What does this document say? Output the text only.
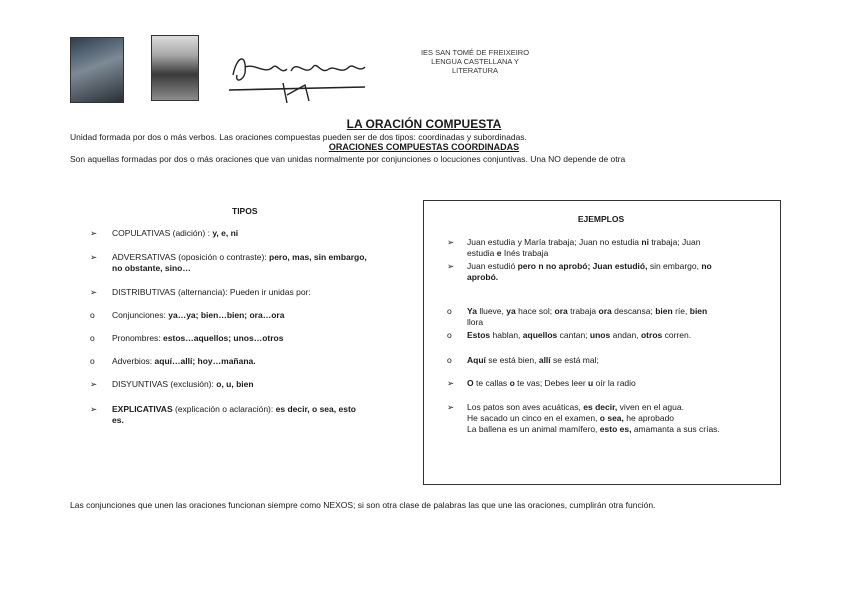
IES SAN TOMÉ DE FREIXEIRO
LENGUA CASTELLANA Y
LITERATURA
LA ORACIÓN COMPUESTA
Unidad formada por dos o más verbos. Las oraciones compuestas pueden ser de dos tipos: coordinadas y subordinadas.
ORACIONES COMPUESTAS COORDINADAS
Son aquellas formadas por dos o más oraciones que van unidas normalmente por conjunciones o locuciones conjuntivas. Una NO depende de otra
TIPOS
➢ COPULATIVAS (adición) : y, e, ni
➢ ADVERSATIVAS (oposición o contraste): pero, mas, sin embargo,
no obstante, sino…
➢ DISTRIBUTIVAS (alternancia): Pueden ir unidas por:
o Conjunciones: ya…ya; bien…bien; ora…ora
o Pronombres: estos…aquellos; unos…otros
o Adverbios: aquí…allí; hoy…mañana.
➢ DISYUNTIVAS (exclusión): o, u, bien
➢ EXPLICATIVAS (explicación o aclaración): es decir, o sea, esto
es.
EJEMPLOS
➢ Juan estudia y María trabaja; Juan no estudia ni trabaja; Juan
estudia e Inés trabaja
➢ Juan estudió pero n no aprobó; Juan estudió, sin embargo, no
aprobó.
o Ya llueve, ya hace sol; ora trabaja ora descansa; bien ríe, bien
llora
o Estos hablan, aquellos cantan; unos andan, otros corren.
o Aquí se está bien, allí se está mal;
➢ O te callas o te vas; Debes leer u oír la radio
➢ Los patos son aves acuáticas, es decir, viven en el agua.
He sacado un cinco en el examen, o sea, he aprobado
La ballena es un animal mamífero, esto es, amamanta a sus crías.
Las conjunciones que unen las oraciones funcionan siempre como NEXOS; si son otra clase de palabras las que une las oraciones, cumplirán otra función.
